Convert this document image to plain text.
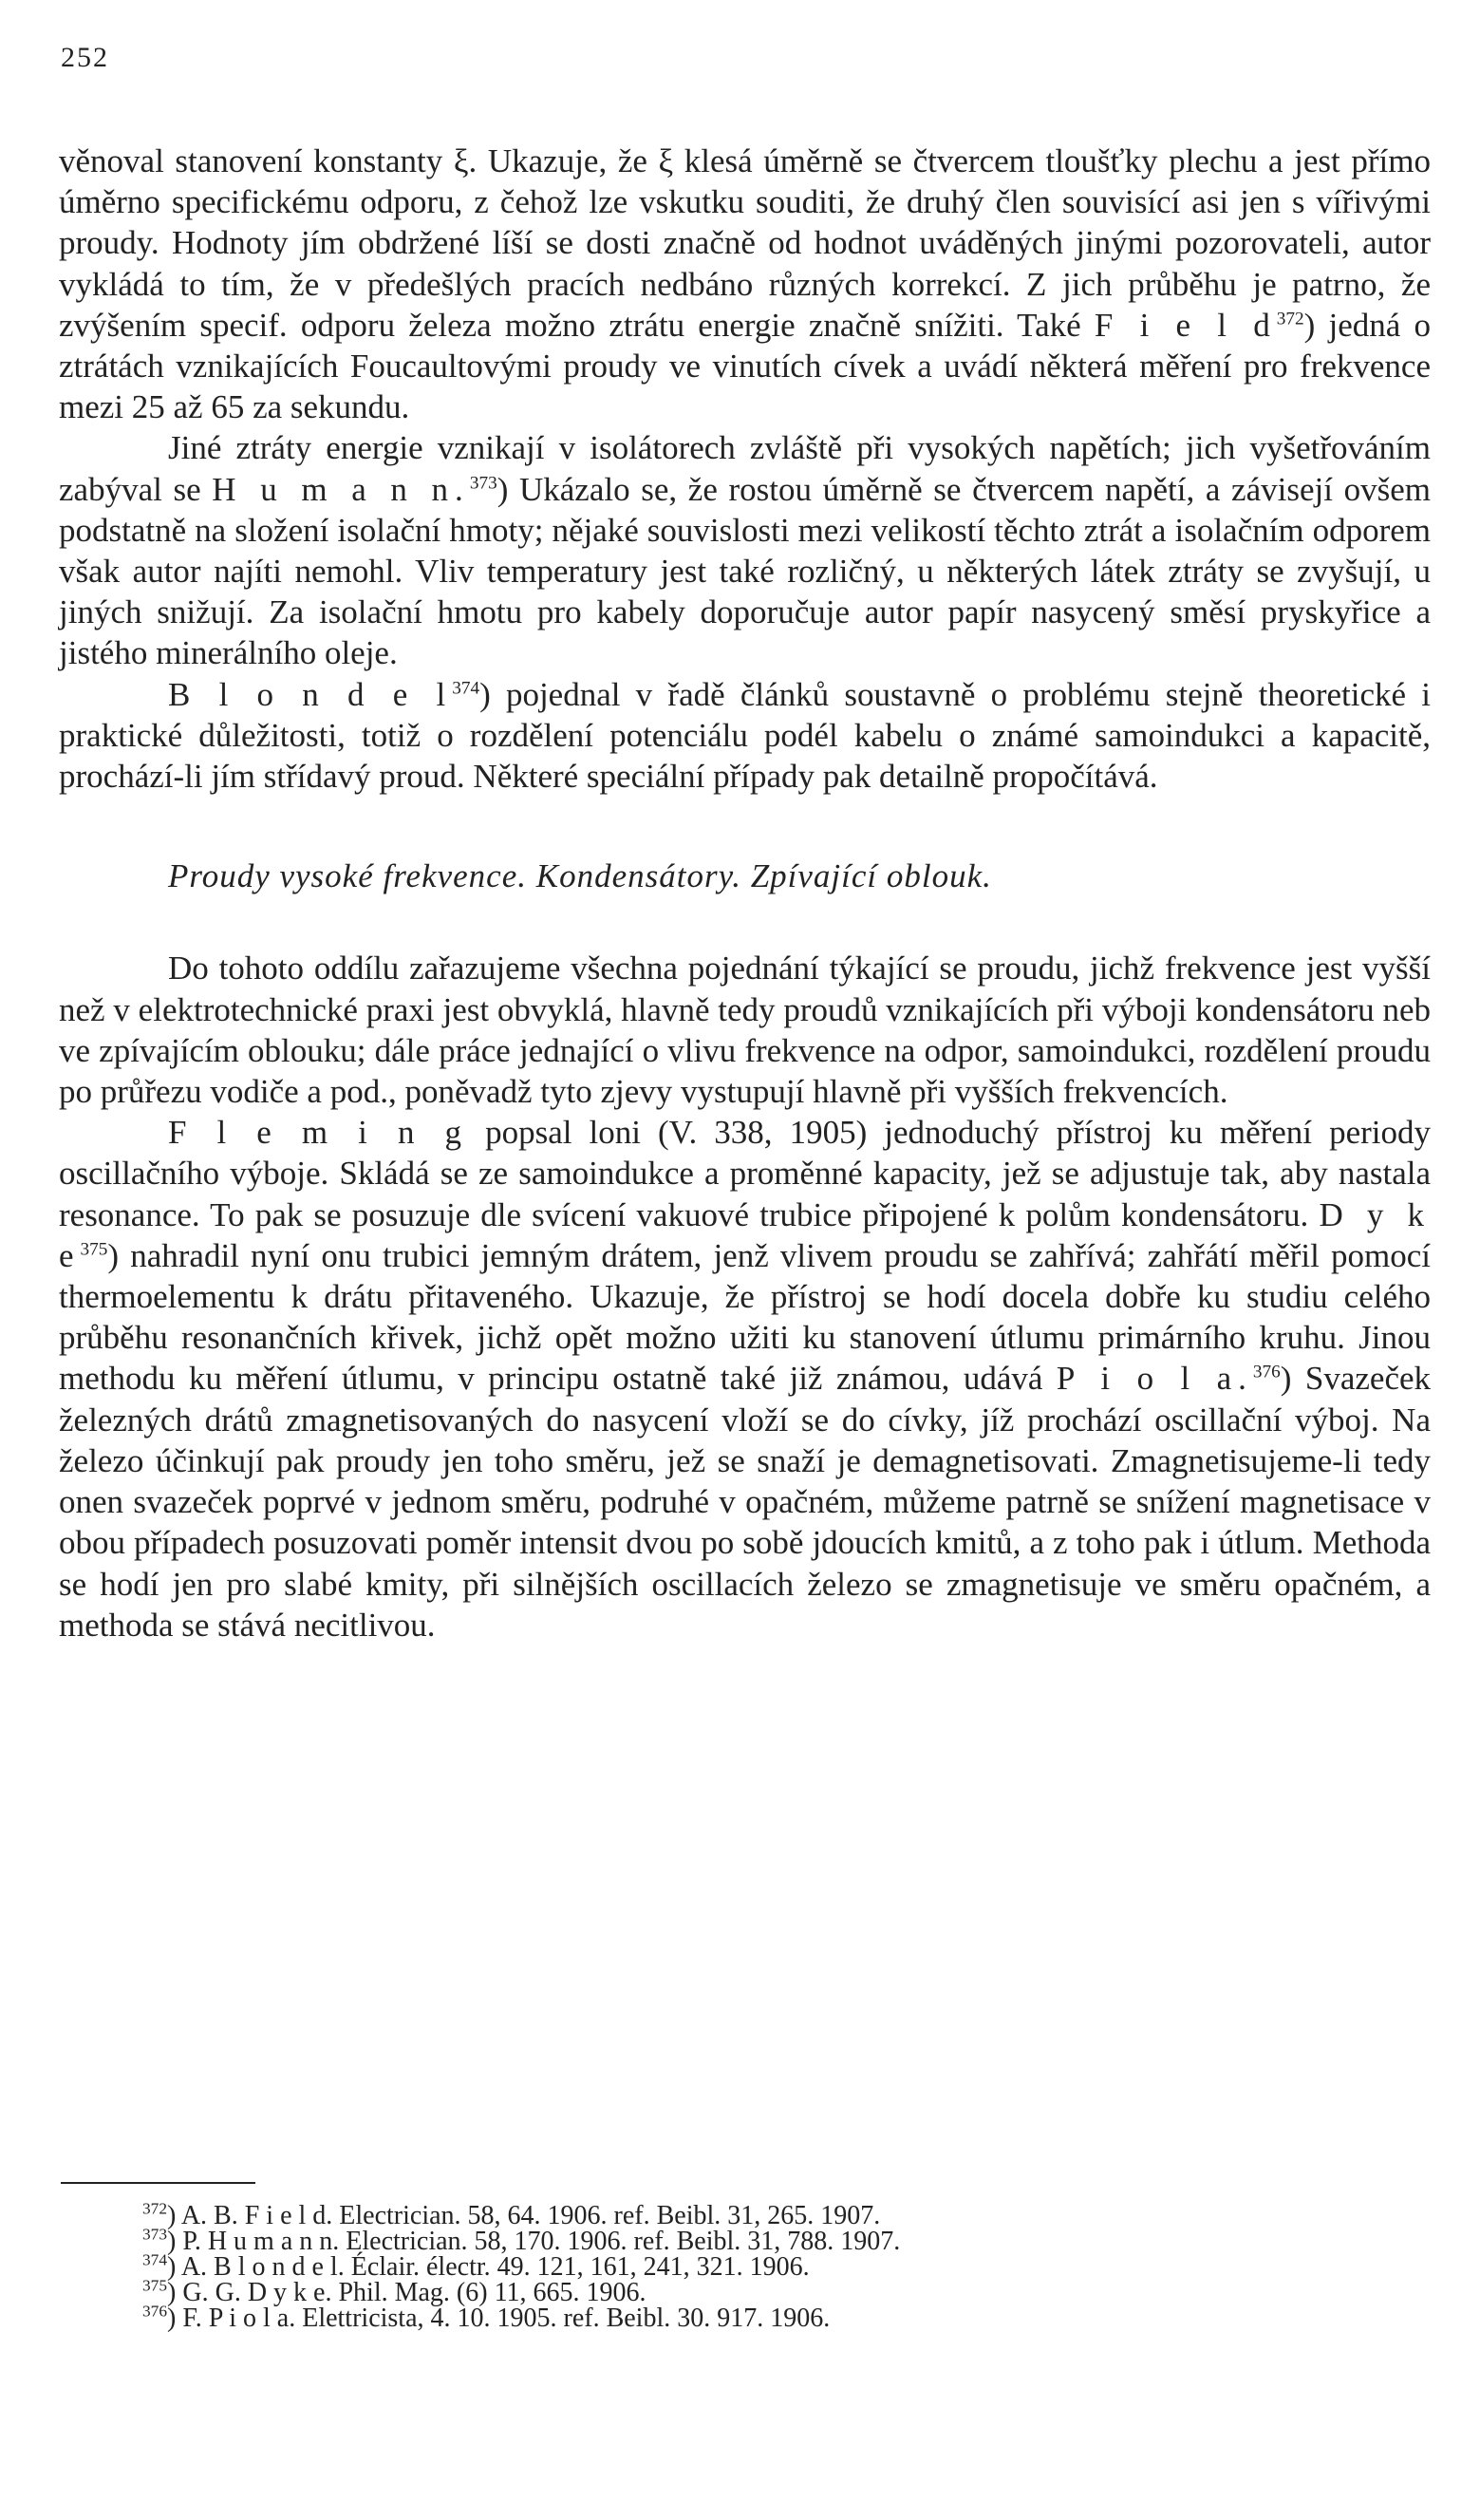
252

věnoval stanovení konstanty ξ. Ukazuje, že ξ klesá úměrně se čtvercem tloušťky plechu a jest přímo úměrno specifickému odporu, z čehož lze vskutku souditi, že druhý člen souvisící asi jen s vířivými proudy. Hodnoty jím obdržené líší se dosti značně od hodnot uváděných jinými pozorovateli, autor vykládá to tím, že v předešlých pracích nedbáno různých korrekcí. Z jich průběhu je patrno, že zvýšením specif. odporu železa možno ztrátu energie značně snížiti. Také F i e l $d^{372}$) jedná o ztrátách vznikajících Foucaultovými proudy ve vinutích cívek a uvádí některá měření pro frekvence mezi 25 až 65 za sekundu.

Jiné ztráty energie vznikají v isolátorech zvláště při vysokých napětích; jich vyšetřováním zabýval se H u m a n n.$^{373}$) Ukázalo se, že rostou úměrně se čtvercem napětí, a závisejí ovšem podstatně na složení isolační hmoty; nějaké souvislosti mezi velikostí těchto ztrát a isolačním odporem však autor najíti nemohl. Vliv temperatury jest také rozličný, u některých látek ztráty se zvyšují, u jiných snižují. Za isolační hmotu pro kabely doporučuje autor papír nasycený směsí pryskyřice a jistého minerálního oleje.

B l o n d e $l^{374}$) pojednal v řadě článků soustavně o problému stejně theoretické i praktické důležitosti, totiž o rozdělení potenciálu podél kabelu o známé samoindukci a kapacitě, prochází-li jím střídavý proud. Některé speciální případy pak detailně propočítává.

Proudy vysoké frekvence. Kondensátory. Zpívající oblouk.

Do tohoto oddílu zařazujeme všechna pojednání týkající se proudu, jichž frekvence jest vyšší než v elektrotechnické praxi jest obvyklá, hlavně tedy proudů vznikajících při výboji kondensátoru neb ve zpívajícím oblouku; dále práce jednající o vlivu frekvence na odpor, samoindukci, rozdělení proudu po průřezu vodiče a pod., poněvadž tyto zjevy vystupují hlavně při vyšších frekvencích.

F l e m i n g popsal loni (V. 338, 1905) jednoduchý přístroj ku měření periody oscillačního výboje. Skládá se ze samoindukce a proměnné kapacity, jež se adjustuje tak, aby nastala resonance. To pak se posuzuje dle svícení vakuové trubice připojené k polům kondensátoru. D y k $e^{375}$) nahradil nyní onu trubici jemným drátem, jenž vlivem proudu se zahřívá; zahřátí měřil pomocí thermoelementu k drátu přitaveného. Ukazuje, že přístroj se hodí docela dobře ku studiu celého průběhu resonančních křivek, jichž opět možno užiti ku stanovení útlumu primárního kruhu. Jinou methodu ku měření útlumu, v principu ostatně také již známou, udává P i o l a.$^{376}$) Svazeček železných drátů zmagnetisovaných do nasycení vloží se do cívky, jíž prochází oscillační výboj. Na železo účinkují pak proudy jen toho směru, jež se snaží je demagnetisovati. Zmagnetisujeme-li tedy onen svazeček poprvé v jednom směru, podruhé v opačném, můžeme patrně se snížení magnetisace v obou případech posuzovati poměr intensit dvou po sobě jdoucích kmitů, a z toho pak i útlum. Methoda se hodí jen pro slabé kmity, při silnějších oscillacích železo se zmagnetisuje ve směru opačném, a methoda se stává necitlivou.

$^{372}$) A. B. F i e l d. Electrician. 58, 64. 1906. ref. Beibl. 31, 265. 1907.
$^{373}$) P. H u m a n n. Electrician. 58, 170. 1906. ref. Beibl. 31, 788. 1907.
$^{374}$) A. B l o n d e l. Éclair. électr. 49. 121, 161, 241, 321. 1906.
$^{375}$) G. G. D y k e. Phil. Mag. (6) 11, 665. 1906.
$^{376}$) F. P i o l a. Elettricista, 4. 10. 1905. ref. Beibl. 30. 917. 1906.
